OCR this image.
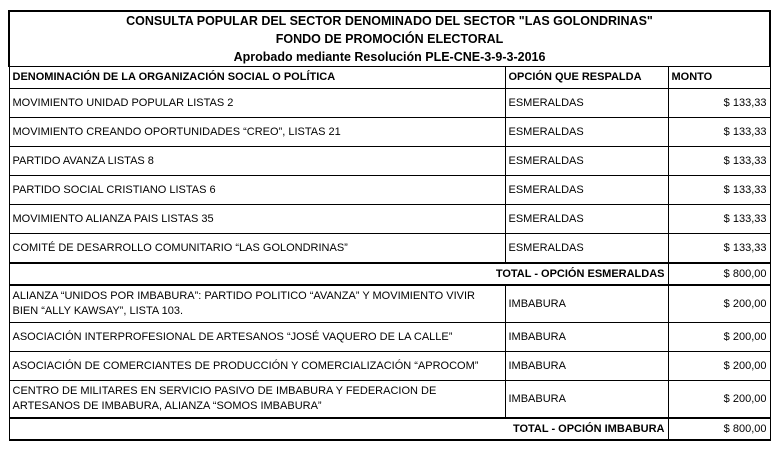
CONSULTA POPULAR DEL SECTOR DENOMINADO DEL SECTOR "LAS GOLONDRINAS"		
FONDO DE PROMOCIÓN ELECTORAL		
Aprobado mediante Resolución PLE-CNE-3-9-3-2016		
DENOMINACIÓN DE LA ORGANIZACIÓN SOCIAL O POLÍTICA	OPCIÓN QUE RESPALDA	MONTO
MOVIMIENTO UNIDAD POPULAR LISTAS 2	ESMERALDAS	$ 133,33
MOVIMIENTO CREANDO OPORTUNIDADES “CREO”, LISTAS 21	ESMERALDAS	$ 133,33
PARTIDO AVANZA LISTAS 8	ESMERALDAS	$ 133,33
PARTIDO SOCIAL CRISTIANO LISTAS 6	ESMERALDAS	$ 133,33
MOVIMIENTO ALIANZA PAIS LISTAS 35	ESMERALDAS	$ 133,33
COMITÉ DE DESARROLLO COMUNITARIO “LAS GOLONDRINAS”	ESMERALDAS	$ 133,33
TOTAL - OPCIÓN ESMERALDAS		$ 800,00
ALIANZA “UNIDOS POR IMBABURA”: PARTIDO POLITICO “AVANZA” Y MOVIMIENTO VIVIR BIEN “ALLY KAWSAY”, LISTA 103.	IMBABURA	$ 200,00
ASOCIACIÓN INTERPROFESIONAL DE ARTESANOS “JOSÉ VAQUERO DE LA CALLE”	IMBABURA	$ 200,00
ASOCIACIÓN DE COMERCIANTES DE PRODUCCIÓN Y COMERCIALIZACIÓN “APROCOM”	IMBABURA	$ 200,00
CENTRO DE MILITARES EN SERVICIO PASIVO DE IMBABURA Y FEDERACION DE ARTESANOS DE IMBABURA, ALIANZA “SOMOS IMBABURA”	IMBABURA	$ 200,00
TOTAL - OPCIÓN IMBABURA		$ 800,00
